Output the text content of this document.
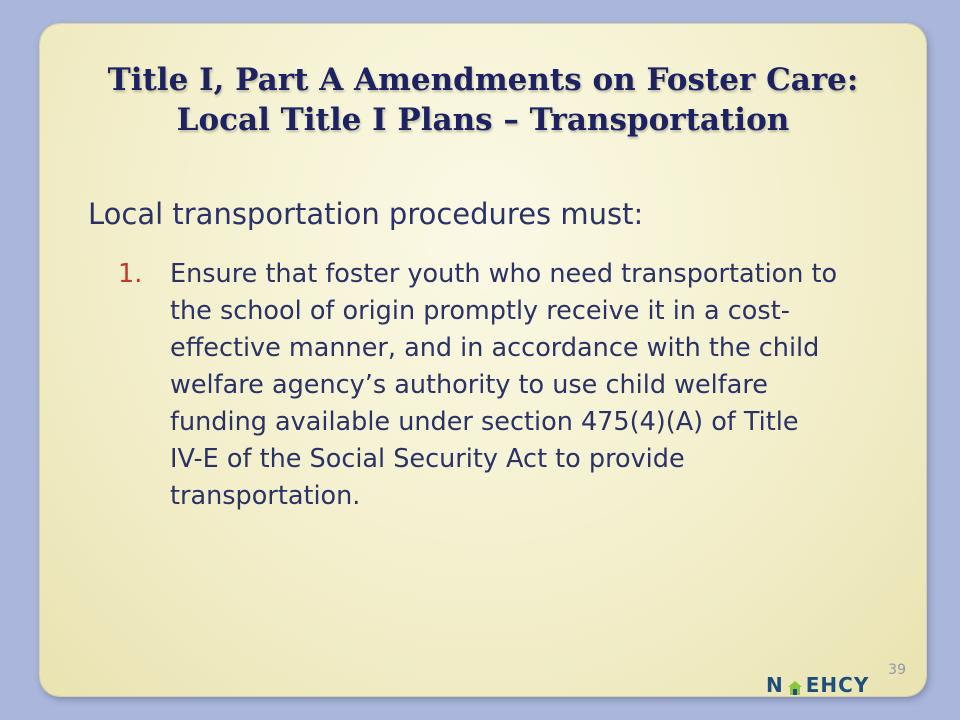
Title I, Part A Amendments on Foster Care:
Local Title I Plans – Transportation

Local transportation procedures must:

1. Ensure that foster youth who need transportation to the school of origin promptly receive it in a cost-effective manner, and in accordance with the child welfare agency’s authority to use child welfare funding available under section 475(4)(A) of Title IV-E of the Social Security Act to provide transportation.
N EHCY
39
